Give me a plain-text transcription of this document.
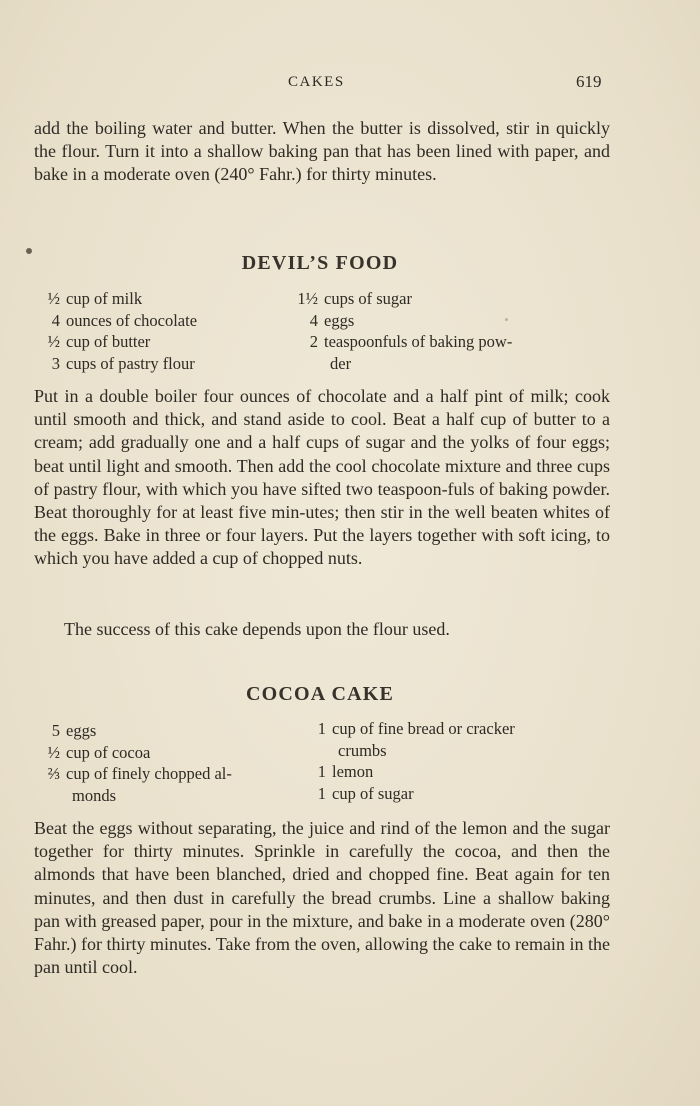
CAKES	619

add the boiling water and butter. When the butter is dissolved, stir in quickly the flour. Turn it into a shallow baking pan that has been lined with paper, and bake in a moderate oven (240° Fahr.) for thirty minutes.

DEVIL’S FOOD
½ cup of milk
4 ounces of chocolate
½ cup of butter
3 cups of pastry flour
1½ cups of sugar
4 eggs
2 teaspoonfuls of baking pow-
der

Put in a double boiler four ounces of chocolate and a half pint of milk; cook until smooth and thick, and stand aside to cool. Beat a half cup of butter to a cream; add gradually one and a half cups of sugar and the yolks of four eggs; beat until light and smooth. Then add the cool chocolate mixture and three cups of pastry flour, with which you have sifted two teaspoon-fuls of baking powder. Beat thoroughly for at least five min-utes; then stir in the well beaten whites of the eggs. Bake in three or four layers. Put the layers together with soft icing, to which you have added a cup of chopped nuts.

The success of this cake depends upon the flour used.

COCOA CAKE
5 eggs
½ cup of cocoa
⅔ cup of finely chopped al-
monds
1 cup of fine bread or cracker
crumbs
1 lemon
1 cup of sugar

Beat the eggs without separating, the juice and rind of the lemon and the sugar together for thirty minutes. Sprinkle in carefully the cocoa, and then the almonds that have been blanched, dried and chopped fine. Beat again for ten minutes, and then dust in carefully the bread crumbs. Line a shallow baking pan with greased paper, pour in the mixture, and bake in a moderate oven (280° Fahr.) for thirty minutes. Take from the oven, allowing the cake to remain in the pan until cool.
